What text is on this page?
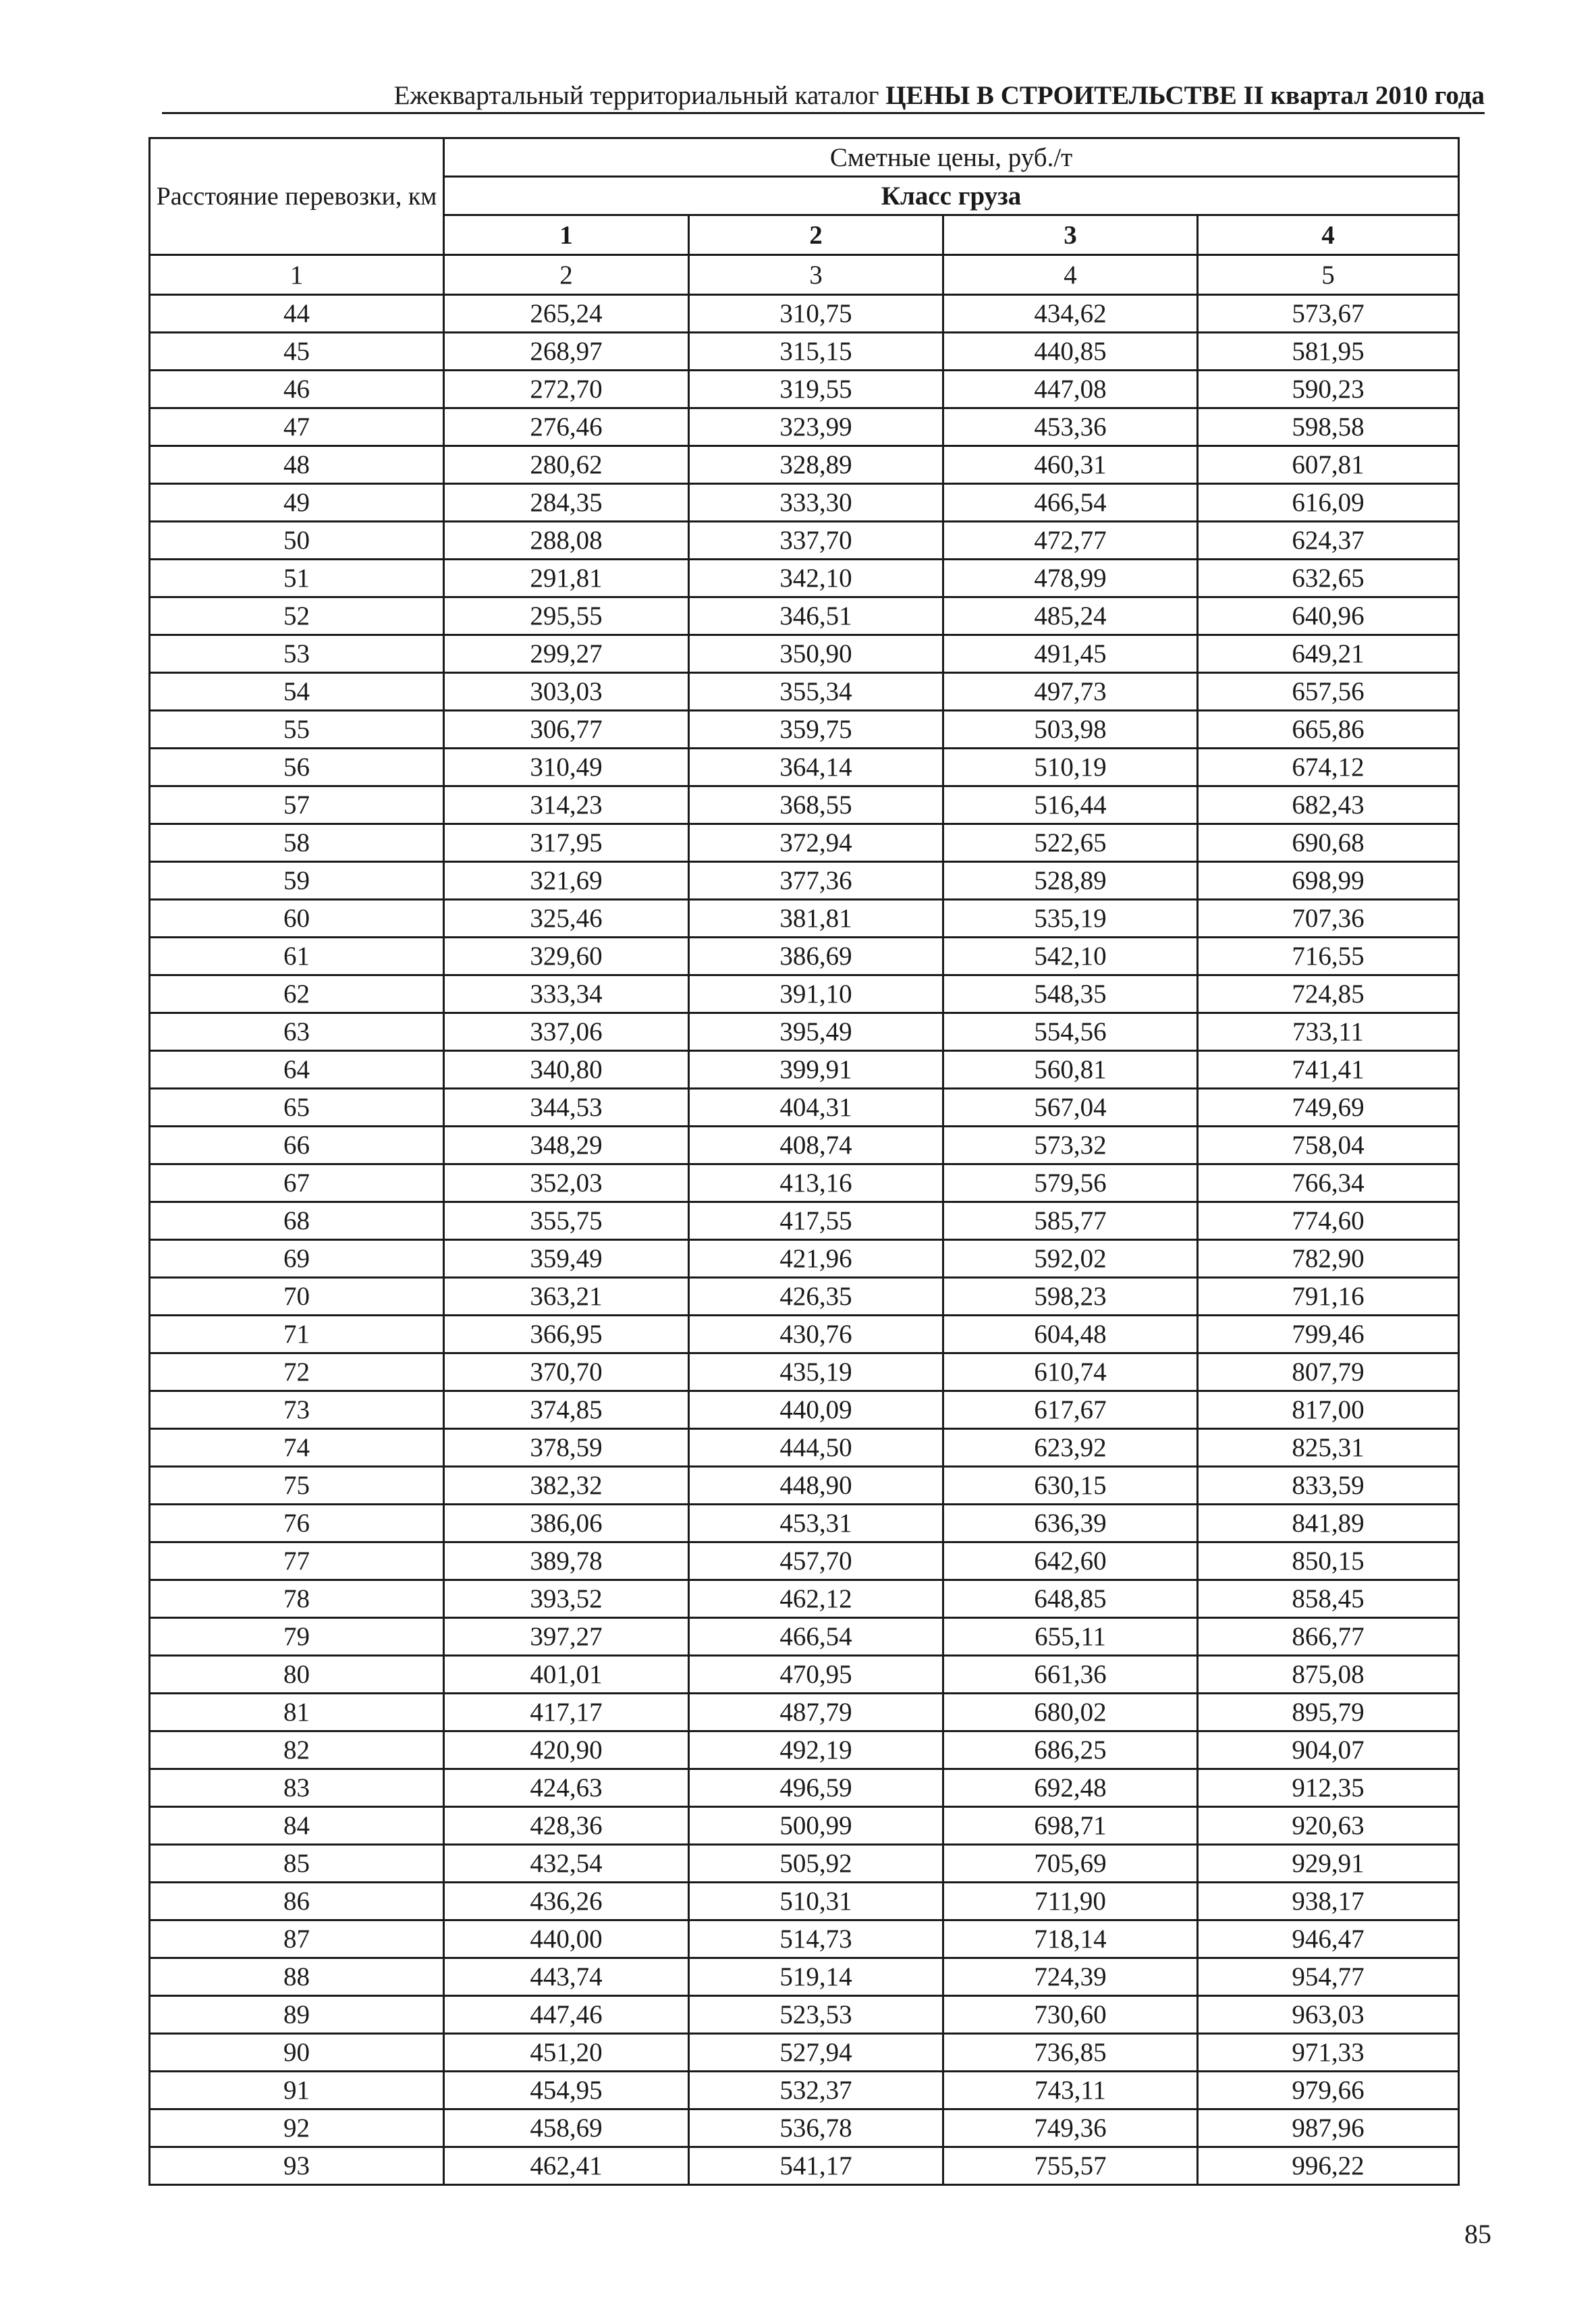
Ежеквартальный территориальный каталог ЦЕНЫ В СТРОИТЕЛЬСТВЕ II квартал 2010 года
Расстояние перевозки, км	Сметные цены, руб./т			
	Класс груза			
	1	2	3	4
1	2	3	4	5
44	265,24	310,75	434,62	573,67
45	268,97	315,15	440,85	581,95
46	272,70	319,55	447,08	590,23
47	276,46	323,99	453,36	598,58
48	280,62	328,89	460,31	607,81
49	284,35	333,30	466,54	616,09
50	288,08	337,70	472,77	624,37
51	291,81	342,10	478,99	632,65
52	295,55	346,51	485,24	640,96
53	299,27	350,90	491,45	649,21
54	303,03	355,34	497,73	657,56
55	306,77	359,75	503,98	665,86
56	310,49	364,14	510,19	674,12
57	314,23	368,55	516,44	682,43
58	317,95	372,94	522,65	690,68
59	321,69	377,36	528,89	698,99
60	325,46	381,81	535,19	707,36
61	329,60	386,69	542,10	716,55
62	333,34	391,10	548,35	724,85
63	337,06	395,49	554,56	733,11
64	340,80	399,91	560,81	741,41
65	344,53	404,31	567,04	749,69
66	348,29	408,74	573,32	758,04
67	352,03	413,16	579,56	766,34
68	355,75	417,55	585,77	774,60
69	359,49	421,96	592,02	782,90
70	363,21	426,35	598,23	791,16
71	366,95	430,76	604,48	799,46
72	370,70	435,19	610,74	807,79
73	374,85	440,09	617,67	817,00
74	378,59	444,50	623,92	825,31
75	382,32	448,90	630,15	833,59
76	386,06	453,31	636,39	841,89
77	389,78	457,70	642,60	850,15
78	393,52	462,12	648,85	858,45
79	397,27	466,54	655,11	866,77
80	401,01	470,95	661,36	875,08
81	417,17	487,79	680,02	895,79
82	420,90	492,19	686,25	904,07
83	424,63	496,59	692,48	912,35
84	428,36	500,99	698,71	920,63
85	432,54	505,92	705,69	929,91
86	436,26	510,31	711,90	938,17
87	440,00	514,73	718,14	946,47
88	443,74	519,14	724,39	954,77
89	447,46	523,53	730,60	963,03
90	451,20	527,94	736,85	971,33
91	454,95	532,37	743,11	979,66
92	458,69	536,78	749,36	987,96
93	462,41	541,17	755,57	996,22
85
